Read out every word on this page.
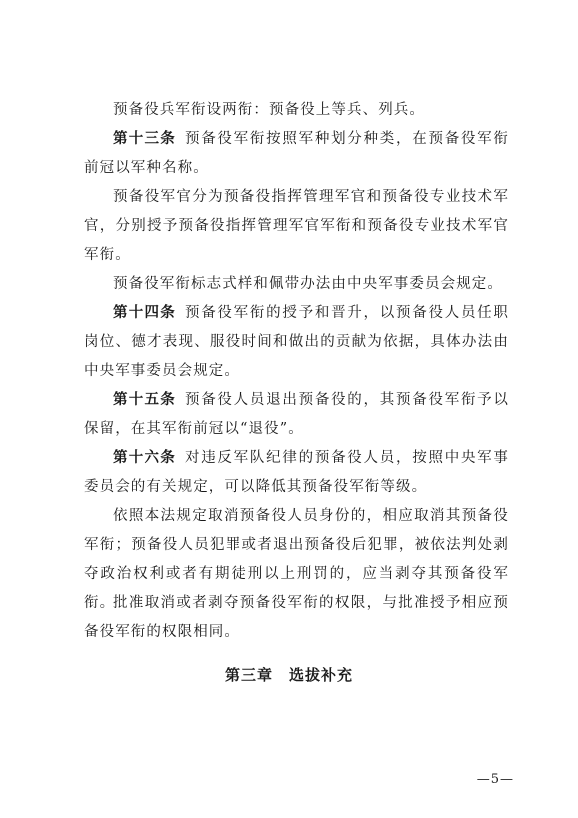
预备役兵军衔设两衔：预备役上等兵、列兵。

第十三条 预备役军衔按照军种划分种类，在预备役军衔前冠以军种名称。

预备役军官分为预备役指挥管理军官和预备役专业技术军官，分别授予预备役指挥管理军官军衔和预备役专业技术军官军衔。

预备役军衔标志式样和佩带办法由中央军事委员会规定。

第十四条 预备役军衔的授予和晋升，以预备役人员任职岗位、德才表现、服役时间和做出的贡献为依据，具体办法由中央军事委员会规定。

第十五条 预备役人员退出预备役的，其预备役军衔予以保留，在其军衔前冠以“退役”。

第十六条 对违反军队纪律的预备役人员，按照中央军事委员会的有关规定，可以降低其预备役军衔等级。

依照本法规定取消预备役人员身份的，相应取消其预备役军衔；预备役人员犯罪或者退出预备役后犯罪，被依法判处剥夺政治权利或者有期徒刑以上刑罚的，应当剥夺其预备役军衔。

批准取消或者剥夺预备役军衔的权限，与批准授予相应预备役军衔的权限相同。

第三章 选拔补充
—5—
